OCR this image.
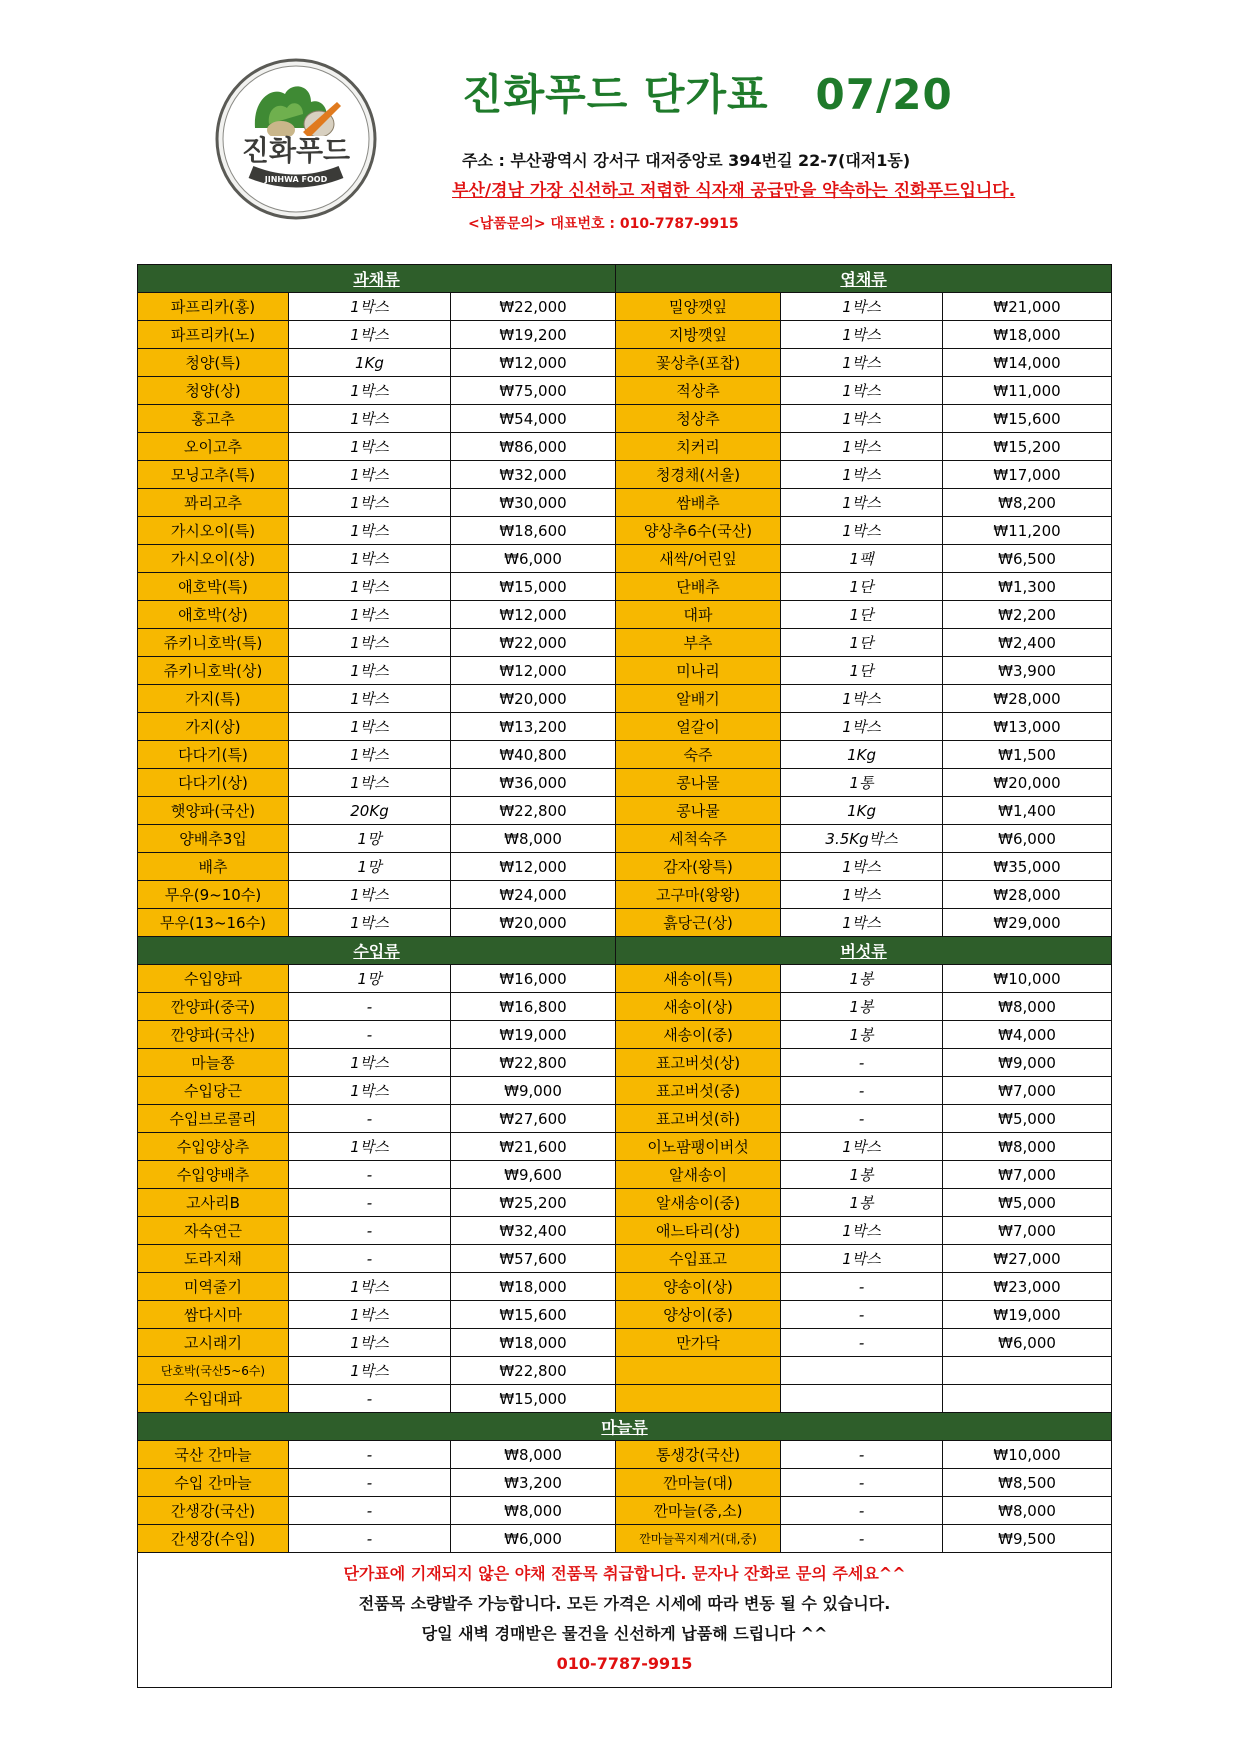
진화푸드
JINHWA FOOD
진화푸드 단가표   07/20
주소 : 부산광역시 강서구 대저중앙로 394번길 22-7(대저1동)
부산/경남 가장 신선하고 저렴한 식자재 공급만을 약속하는 진화푸드입니다.
<납품문의> 대표번호 : 010-7787-9915
과채류			엽채류		
파프리카(홍)	1박스	₩22,000	밀양깻잎	1박스	₩21,000
파프리카(노)	1박스	₩19,200	지방깻잎	1박스	₩18,000
청양(특)	1Kg	₩12,000	꽃상추(포찹)	1박스	₩14,000
청양(상)	1박스	₩75,000	적상추	1박스	₩11,000
홍고추	1박스	₩54,000	청상추	1박스	₩15,600
오이고추	1박스	₩86,000	치커리	1박스	₩15,200
모닝고추(특)	1박스	₩32,000	청경채(서울)	1박스	₩17,000
꽈리고추	1박스	₩30,000	쌈배추	1박스	₩8,200
가시오이(특)	1박스	₩18,600	양상추6수(국산)	1박스	₩11,200
가시오이(상)	1박스	₩6,000	새싹/어린잎	1팩	₩6,500
애호박(특)	1박스	₩15,000	단배추	1단	₩1,300
애호박(상)	1박스	₩12,000	대파	1단	₩2,200
쥬키니호박(특)	1박스	₩22,000	부추	1단	₩2,400
쥬키니호박(상)	1박스	₩12,000	미나리	1단	₩3,900
가지(특)	1박스	₩20,000	알배기	1박스	₩28,000
가지(상)	1박스	₩13,200	얼갈이	1박스	₩13,000
다다기(특)	1박스	₩40,800	숙주	1Kg	₩1,500
다다기(상)	1박스	₩36,000	콩나물	1통	₩20,000
햇양파(국산)	20Kg	₩22,800	콩나물	1Kg	₩1,400
양배추3입	1망	₩8,000	세척숙주	3.5Kg박스	₩6,000
배추	1망	₩12,000	감자(왕특)	1박스	₩35,000
무우(9~10수)	1박스	₩24,000	고구마(왕왕)	1박스	₩28,000
무우(13~16수)	1박스	₩20,000	흙당근(상)	1박스	₩29,000
수입류			버섯류		
수입양파	1망	₩16,000	새송이(특)	1봉	₩10,000
깐양파(중국)	-	₩16,800	새송이(상)	1봉	₩8,000
깐양파(국산)	-	₩19,000	새송이(중)	1봉	₩4,000
마늘쫑	1박스	₩22,800	표고버섯(상)	-	₩9,000
수입당근	1박스	₩9,000	표고버섯(중)	-	₩7,000
수입브로콜리	-	₩27,600	표고버섯(하)	-	₩5,000
수입양상추	1박스	₩21,600	이노팜팽이버섯	1박스	₩8,000
수입양배추	-	₩9,600	알새송이	1봉	₩7,000
고사리B	-	₩25,200	알새송이(중)	1봉	₩5,000
자숙연근	-	₩32,400	애느타리(상)	1박스	₩7,000
도라지채	-	₩57,600	수입표고	1박스	₩27,000
미역줄기	1박스	₩18,000	양송이(상)	-	₩23,000
쌈다시마	1박스	₩15,600	양상이(중)	-	₩19,000
고시래기	1박스	₩18,000	만가닥	-	₩6,000
단호박(국산5~6수)	1박스	₩22,800			
수입대파	-	₩15,000			
마늘류					
국산 간마늘	-	₩8,000	통생강(국산)	-	₩10,000
수입 간마늘	-	₩3,200	깐마늘(대)	-	₩8,500
간생강(국산)	-	₩8,000	깐마늘(중,소)	-	₩8,000
간생강(수입)	-	₩6,000	깐마늘꼭지제거(대,중)	-	₩9,500

단가표에 기재되지 않은 야채 전품목 취급합니다. 문자나 잔화로 문의 주세요^^
전품목 소량발주 가능합니다. 모든 가격은 시세에 따라 변동 될 수 있습니다.
당일 새벽 경매받은 물건을 신선하게 납품해 드립니다 ^^
010-7787-9915					
